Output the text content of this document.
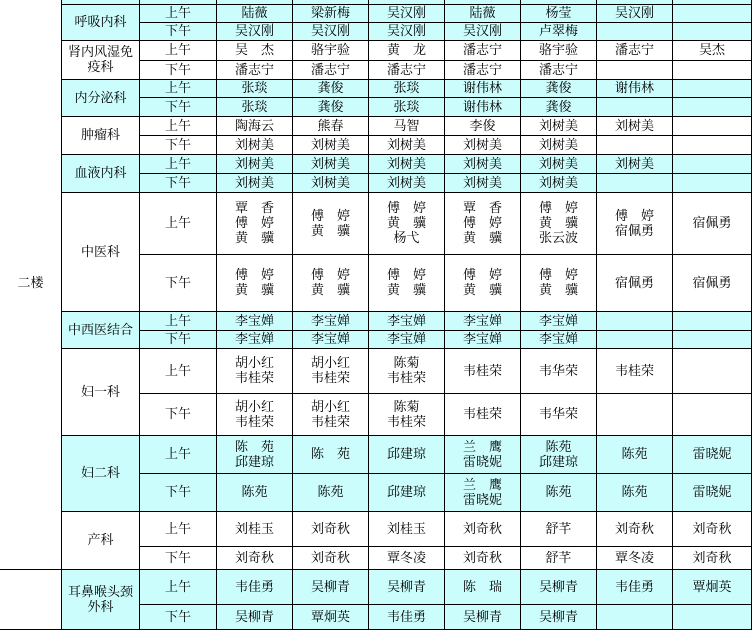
二楼
呼吸内科
上午
下午
陆薇
吴汉刚
梁新梅
吴汉刚
吴汉刚
吴汉刚
陆薇
吴汉刚
杨莹
卢翠梅
吴汉刚
肾内风湿免
疫科
上午
下午
吴　杰
潘志宁
骆宇验
潘志宁
黄　龙
潘志宁
潘志宁
潘志宁
骆宇验
潘志宁
潘志宁	吴杰
内分泌科
上午
下午
张琰
张琰
龚俊
龚俊
张琰
张琰
谢伟林
谢伟林
龚俊
龚俊
谢伟林
肿瘤科
上午
下午
陶海云
刘树美
熊春
刘树美
马智
刘树美
李俊
刘树美
刘树美
刘树美
刘树美
血液内科
上午
下午
刘树美
刘树美
刘树美
刘树美
刘树美
刘树美
刘树美
刘树美
刘树美
刘树美
刘树美
中医科
上午
下午
覃　香
傅　婷
黄　骥
傅　婷
黄　骥
傅　婷
黄　骥
傅　婷
黄　骥
傅　婷
黄　骥
杨弋
傅　婷
黄　骥
覃　香
傅　婷
黄　骥
傅　婷
黄　骥
傅　婷
黄　骥
张云波
傅　婷
黄　骥
傅　婷
宿佩勇
宿佩勇
宿佩勇
宿佩勇
中西医结合
上午
下午
李宝婵
李宝婵
李宝婵
李宝婵
李宝婵
李宝婵
李宝婵
李宝婵
李宝婵
李宝婵
妇一科
上午
下午
胡小红
韦桂荣
胡小红
韦桂荣
胡小红
韦桂荣
胡小红
韦桂荣
陈菊
韦桂荣
陈菊
韦桂荣
韦桂荣
韦桂荣
韦华荣
韦华荣
韦桂荣
妇二科
上午
下午
陈　苑
邱建琼
陈苑
陈　苑
陈苑
邱建琼
邱建琼
兰　鹰
雷晓妮
兰　鹰
雷晓妮
陈苑
邱建琼
陈苑
陈苑
陈苑
雷晓妮
雷晓妮
产科
上午
下午
刘桂玉
刘奇秋
刘奇秋
刘奇秋
刘桂玉
覃冬凌
刘奇秋
刘奇秋
舒芊
舒芊
刘奇秋
覃冬凌
刘奇秋
刘奇秋
耳鼻喉头颈
外科
上午
下午
韦佳勇
吴柳青
吴柳青
覃炯英
吴柳青
韦佳勇
陈　瑞
吴柳青
吴柳青
吴柳青
韦佳勇	覃炯英
